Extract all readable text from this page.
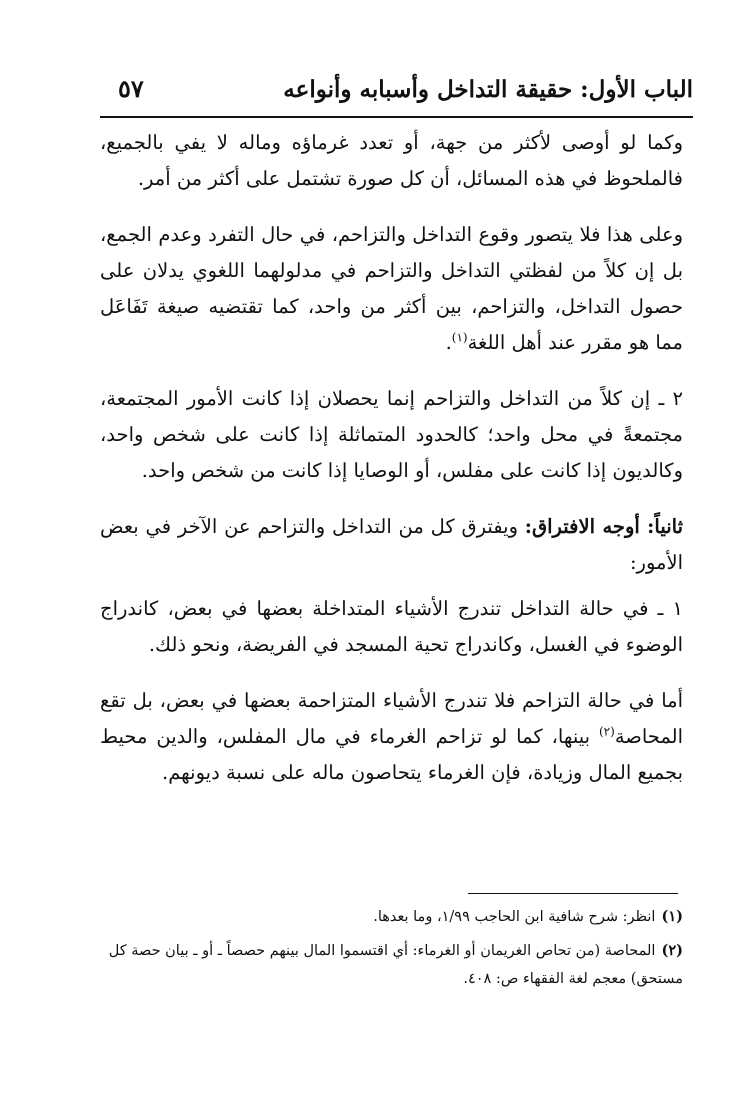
الباب الأول: حقيقة التداخل وأسبابه وأنواعه
٥٧

وكما لو أوصى لأكثر من جهة، أو تعدد غرماؤه وماله لا يفي بالجميع، فالملحوظ في هذه المسائل، أن كل صورة تشتمل على أكثر من أمر.

وعلى هذا فلا يتصور وقوع التداخل والتزاحم، في حال التفرد وعدم الجمع، بل إن كلاً من لفظتي التداخل والتزاحم في مدلولهما اللغوي يدلان على حصول التداخل، والتزاحم، بين أكثر من واحد، كما تقتضيه صيغة تَفَاعَل مما هو مقرر عند أهل اللغة$^{(١)}$.

٢ ـ إن كلاً من التداخل والتزاحم إنما يحصلان إذا كانت الأمور المجتمعة، مجتمعةً في محل واحد؛ كالحدود المتماثلة إذا كانت على شخص واحد، وكالديون إذا كانت على مفلس، أو الوصايا إذا كانت من شخص واحد.

ثانياً: أوجه الافتراق: ويفترق كل من التداخل والتزاحم عن الآخر في بعض الأمور:

١ ـ في حالة التداخل تندرج الأشياء المتداخلة بعضها في بعض، كاندراج الوضوء في الغسل، وكاندراج تحية المسجد في الفريضة، ونحو ذلك.

أما في حالة التزاحم فلا تندرج الأشياء المتزاحمة بعضها في بعض، بل تقع المحاصة$^{(٢)}$ بينها، كما لو تزاحم الغرماء في مال المفلس، والدين محيط بجميع المال وزيادة، فإن الغرماء يتحاصون ماله على نسبة ديونهم.

(١)انظر: شرح شافية ابن الحاجب ١/٩٩، وما بعدها.
(٢)المحاصة (من تحاص الغريمان أو الغرماء: أي اقتسموا المال بينهم حصصاً ـ أو ـ بيان حصة كل مستحق) معجم لغة الفقهاء ص: ٤٠٨.
